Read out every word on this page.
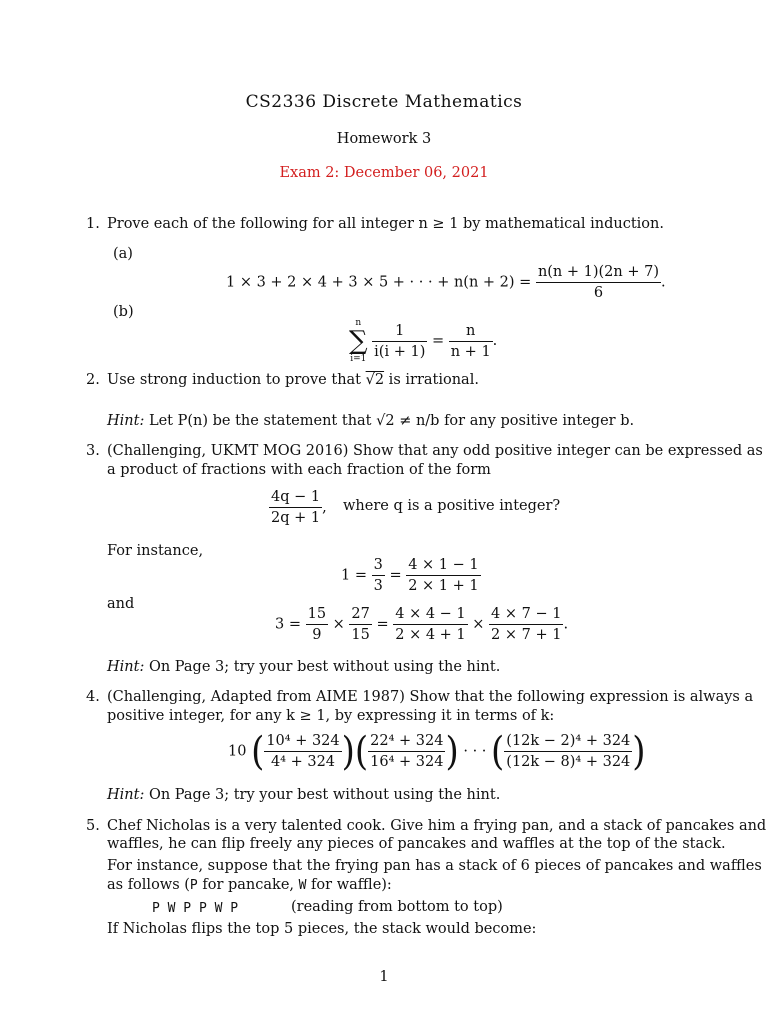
CS2336 Discrete Mathematics
Homework 3
Exam 2: December 06, 2021
1. Prove each of the following for all integer n ≥ 1 by mathematical induction.
(a)
1 × 3 + 2 × 4 + 3 × 5 + · · · + $n(n + 2) = \frac{n(n + 1)(2n + 7)}{6}$ .
(b)
n
∑
i=1
$\frac{1}{i(i + 1)} = \frac{n}{n + 1}$ .
2. Use strong induction to prove that √2 is irrational.
Hint: Let P(n) be the statement that √2 ≠ n/b for any positive integer b.
3. (Challenging, UKMT MOG 2016) Show that any odd positive integer can be expressed as
a product of fractions with each fraction of the form
$\frac{4q - 1}{2q + 1}$ , where q is a positive integer?
For instance,
$1 = \frac{3}{3} = \frac{4 \times 1 - 1}{2 \times 1 + 1}$
and
$3 = \frac{15}{9} \times \frac{27}{15} = \frac{4 \times 4 - 1}{2 \times 4 + 1} \times \frac{4 \times 7 - 1}{2 \times 7 + 1}$ .
Hint: On Page 3; try your best without using the hint.
4. (Challenging, Adapted from AIME 1987) Show that the following expression is always a
positive integer, for any k ≥ 1, by expressing it in terms of k:
10 ( $\frac{\text{10⁴ + 324}}{\text{4⁴ + 324}}$ )( $\frac{\text{22⁴ + 324}}{\text{16⁴ + 324}}$ ) · · · ( $\frac{\text{(12k − 2)⁴ + 324}}{\text{(12k − 8)⁴ + 324}}$ )
Hint: On Page 3; try your best without using the hint.
5. Chef Nicholas is a very talented cook. Give him a frying pan, and a stack of pancakes and
waffles, he can flip freely any pieces of pancakes and waffles at the top of the stack.
For instance, suppose that the frying pan has a stack of 6 pieces of pancakes and waffles
as follows (P for pancake, W for waffle):
P W P P W P	(reading from bottom to top)
If Nicholas flips the top 5 pieces, the stack would become:
1
